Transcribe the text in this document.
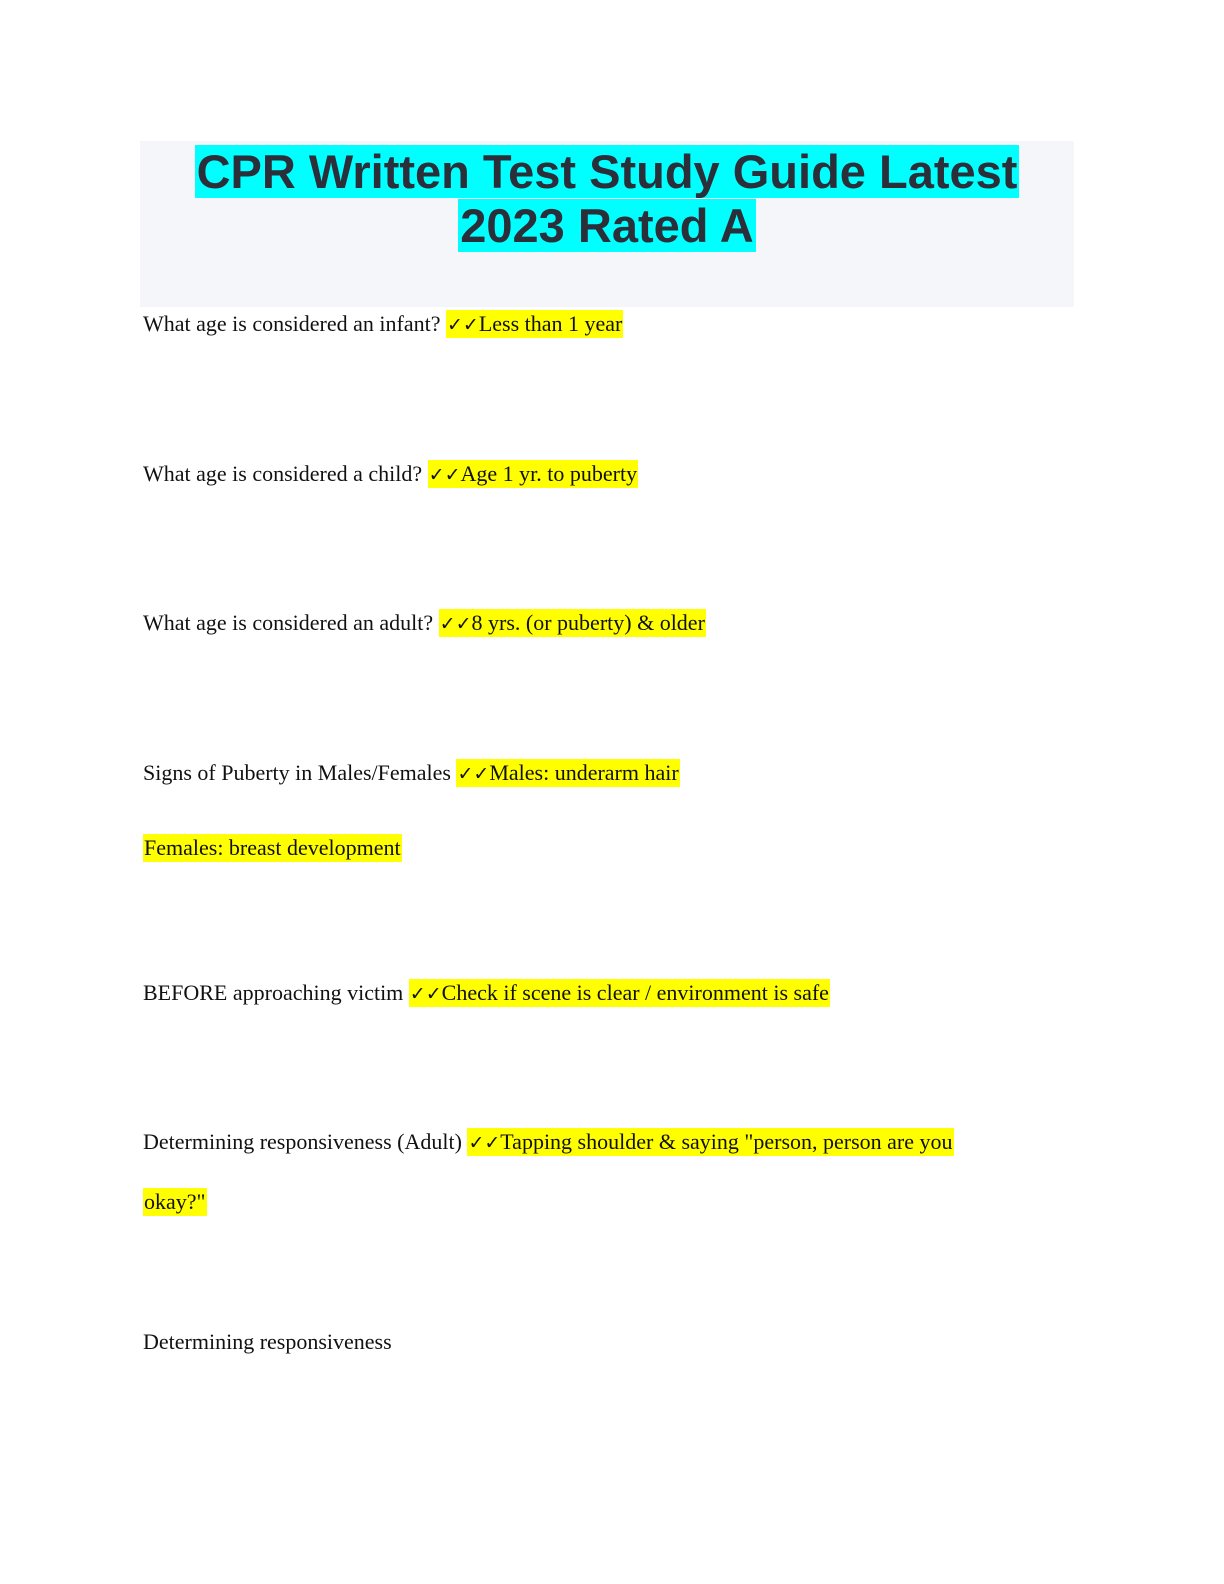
CPR Written Test Study Guide Latest
2023 Rated A

What age is considered an infant? ✓✓Less than 1 year

What age is considered a child? ✓✓Age 1 yr. to puberty

What age is considered an adult? ✓✓8 yrs. (or puberty) & older

Signs of Puberty in Males/Females ✓✓Males: underarm hair

Females: breast development

BEFORE approaching victim ✓✓Check if scene is clear / environment is safe

Determining responsiveness (Adult) ✓✓Tapping shoulder & saying "person, person are you

okay?"

Determining responsiveness
